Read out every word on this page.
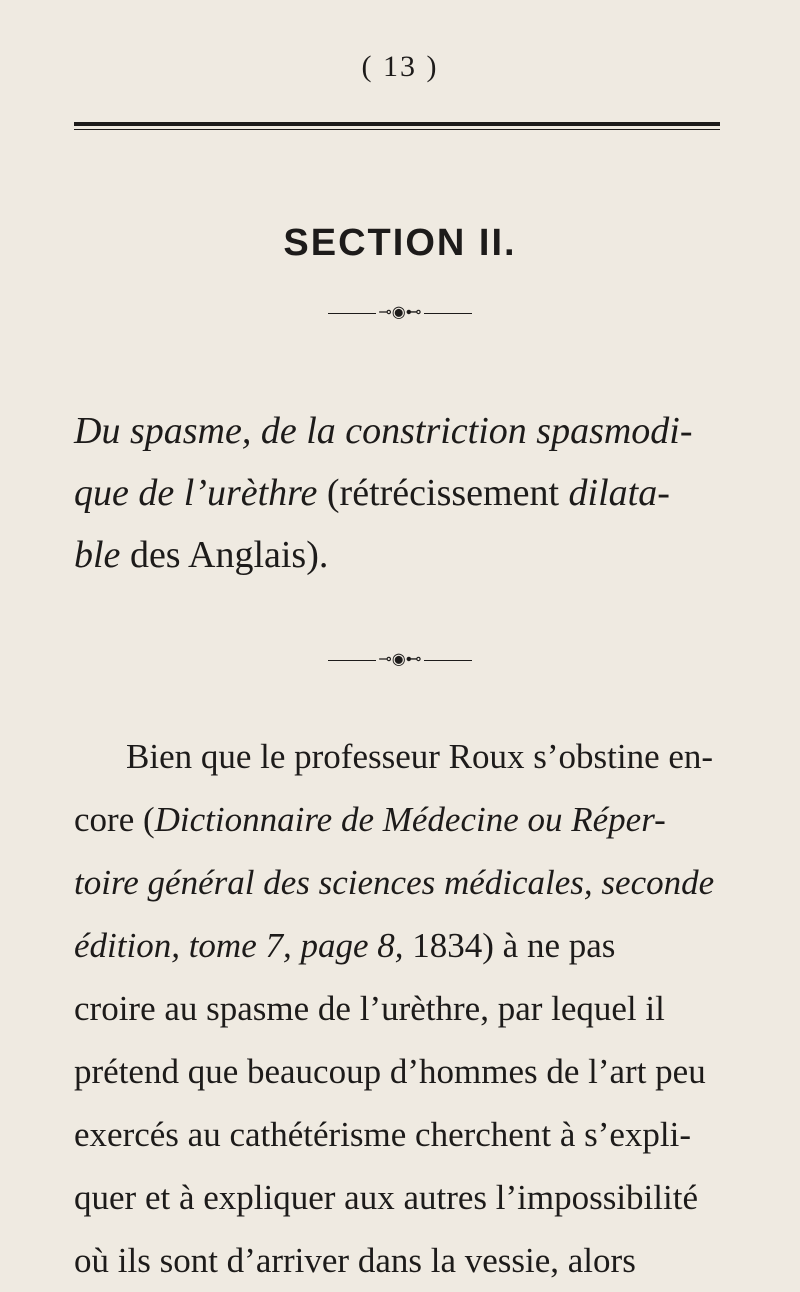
( 13 )
SECTION II.
⊸◉⊷
Du spasme, de la constriction spasmodi-
que de l’urèthre (rétrécissement dilata-
ble des Anglais).
⊸◉⊷
Bien que le professeur Roux s’obstine en-
core (Dictionnaire de Médecine ou Réper-
toire général des sciences médicales, seconde
édition, tome 7, page 8, 1834) à ne pas
croire au spasme de l’urèthre, par lequel il
prétend que beaucoup d’hommes de l’art peu
exercés au cathétérisme cherchent à s’expli-
quer et à expliquer aux autres l’impossibilité
où ils sont d’arriver dans la vessie, alors
